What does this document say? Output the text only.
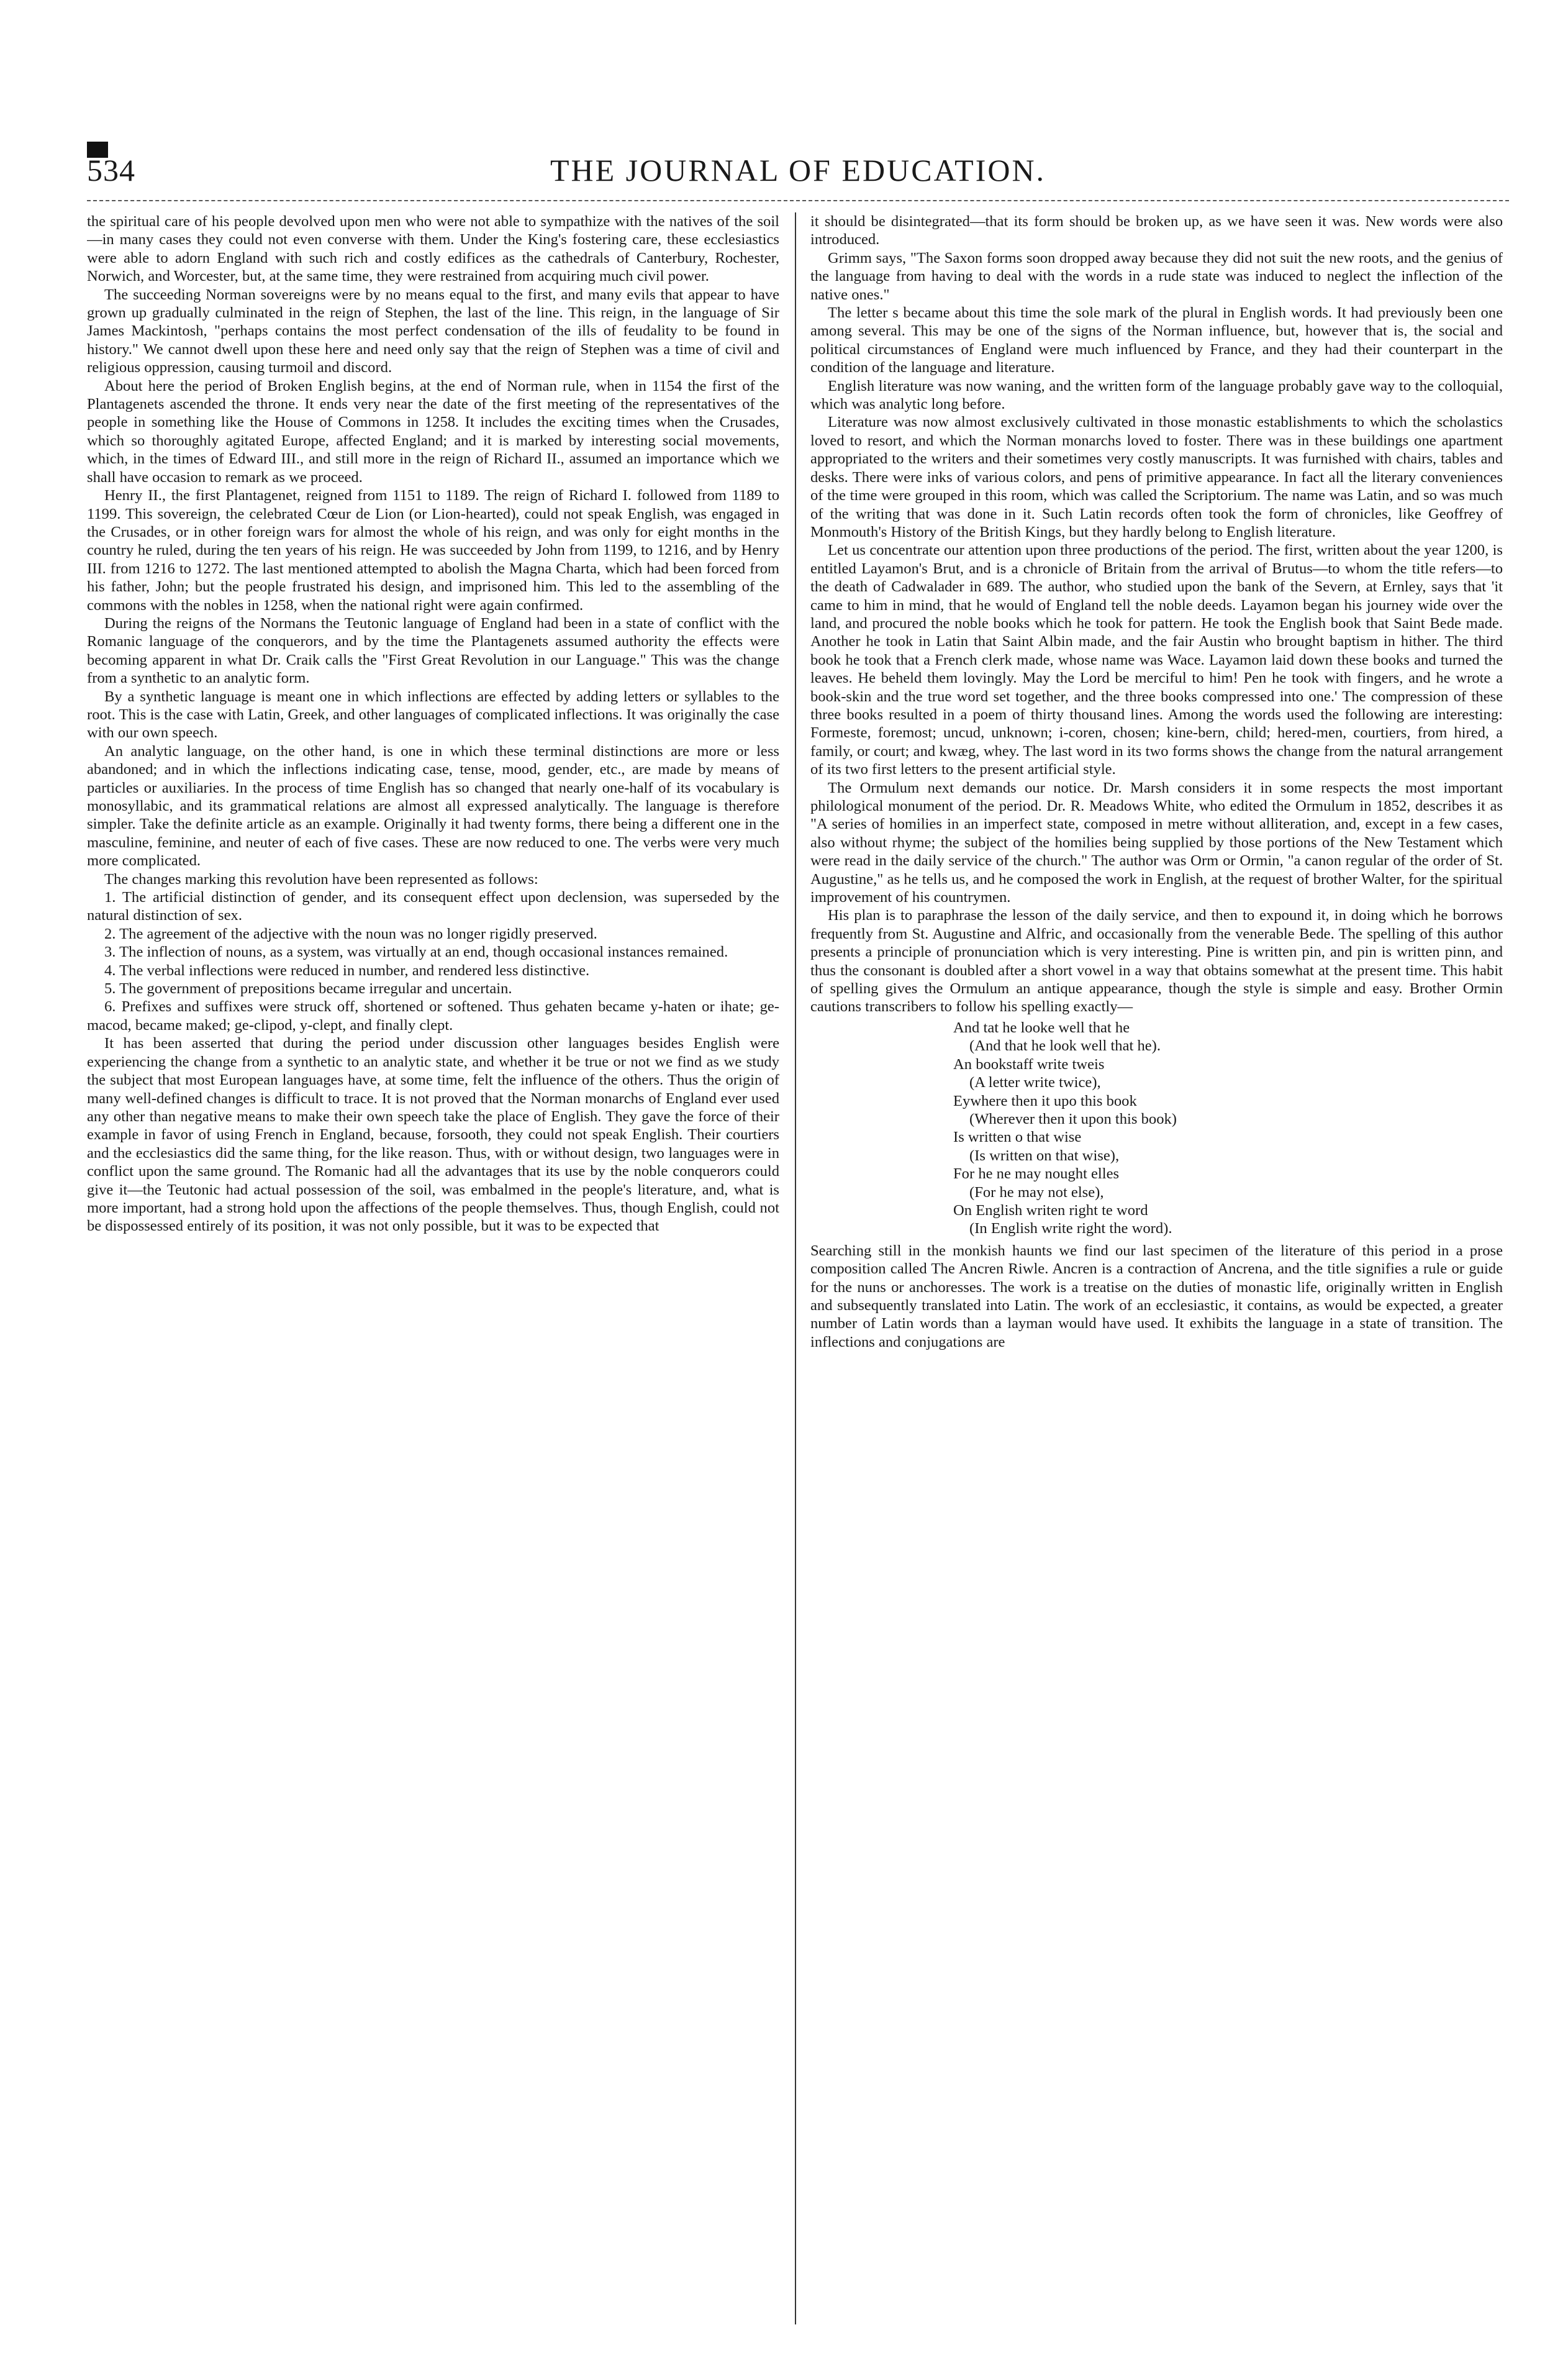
534	THE JOURNAL OF EDUCATION.

the spiritual care of his people devolved upon men who were not able to sympathize with the natives of the soil—in many cases they could not even converse with them. Under the King's fostering care, these ecclesiastics were able to adorn England with such rich and costly edifices as the cathedrals of Canterbury, Rochester, Norwich, and Worcester, but, at the same time, they were restrained from acquiring much civil power.

The succeeding Norman sovereigns were by no means equal to the first, and many evils that appear to have grown up gradually culminated in the reign of Stephen, the last of the line. This reign, in the language of Sir James Mackintosh, "perhaps contains the most perfect condensation of the ills of feudality to be found in history." We cannot dwell upon these here and need only say that the reign of Stephen was a time of civil and religious oppression, causing turmoil and discord.

About here the period of Broken English begins, at the end of Norman rule, when in 1154 the first of the Plantagenets ascended the throne. It ends very near the date of the first meeting of the representatives of the people in something like the House of Commons in 1258. It includes the exciting times when the Crusades, which so thoroughly agitated Europe, affected England; and it is marked by interesting social movements, which, in the times of Edward III., and still more in the reign of Richard II., assumed an importance which we shall have occasion to remark as we proceed.

Henry II., the first Plantagenet, reigned from 1151 to 1189. The reign of Richard I. followed from 1189 to 1199. This sovereign, the celebrated Cœur de Lion (or Lion-hearted), could not speak English, was engaged in the Crusades, or in other foreign wars for almost the whole of his reign, and was only for eight months in the country he ruled, during the ten years of his reign. He was succeeded by John from 1199, to 1216, and by Henry III. from 1216 to 1272. The last mentioned attempted to abolish the Magna Charta, which had been forced from his father, John; but the people frustrated his design, and imprisoned him. This led to the assembling of the commons with the nobles in 1258, when the national right were again confirmed.

During the reigns of the Normans the Teutonic language of England had been in a state of conflict with the Romanic language of the conquerors, and by the time the Plantagenets assumed authority the effects were becoming apparent in what Dr. Craik calls the "First Great Revolution in our Language." This was the change from a synthetic to an analytic form.

By a synthetic language is meant one in which inflections are effected by adding letters or syllables to the root. This is the case with Latin, Greek, and other languages of complicated inflections. It was originally the case with our own speech.

An analytic language, on the other hand, is one in which these terminal distinctions are more or less abandoned; and in which the inflections indicating case, tense, mood, gender, etc., are made by means of particles or auxiliaries. In the process of time English has so changed that nearly one-half of its vocabulary is monosyllabic, and its grammatical relations are almost all expressed analytically. The language is therefore simpler. Take the definite article as an example. Originally it had twenty forms, there being a different one in the masculine, feminine, and neuter of each of five cases. These are now reduced to one. The verbs were very much more complicated.

The changes marking this revolution have been represented as follows:

1. The artificial distinction of gender, and its consequent effect upon declension, was superseded by the natural distinction of sex.

2. The agreement of the adjective with the noun was no longer rigidly preserved.

3. The inflection of nouns, as a system, was virtually at an end, though occasional instances remained.

4. The verbal inflections were reduced in number, and rendered less distinctive.

5. The government of prepositions became irregular and uncertain.

6. Prefixes and suffixes were struck off, shortened or softened. Thus gehaten became y-haten or ihate; ge-macod, became maked; ge-clipod, y-clept, and finally clept.

It has been asserted that during the period under discussion other languages besides English were experiencing the change from a synthetic to an analytic state, and whether it be true or not we find as we study the subject that most European languages have, at some time, felt the influence of the others. Thus the origin of many well-defined changes is difficult to trace. It is not proved that the Norman monarchs of England ever used any other than negative means to make their own speech take the place of English. They gave the force of their example in favor of using French in England, because, forsooth, they could not speak English. Their courtiers and the ecclesiastics did the same thing, for the like reason. Thus, with or without design, two languages were in conflict upon the same ground. The Romanic had all the advantages that its use by the noble conquerors could give it—the Teutonic had actual possession of the soil, was embalmed in the people's literature, and, what is more important, had a strong hold upon the affections of the people themselves. Thus, though English, could not be dispossessed entirely of its position, it was not only possible, but it was to be expected that

it should be disintegrated—that its form should be broken up, as we have seen it was. New words were also introduced.

Grimm says, "The Saxon forms soon dropped away because they did not suit the new roots, and the genius of the language from having to deal with the words in a rude state was induced to neglect the inflection of the native ones."

The letter s became about this time the sole mark of the plural in English words. It had previously been one among several. This may be one of the signs of the Norman influence, but, however that is, the social and political circumstances of England were much influenced by France, and they had their counterpart in the condition of the language and literature.

English literature was now waning, and the written form of the language probably gave way to the colloquial, which was analytic long before.

Literature was now almost exclusively cultivated in those monastic establishments to which the scholastics loved to resort, and which the Norman monarchs loved to foster. There was in these buildings one apartment appropriated to the writers and their sometimes very costly manuscripts. It was furnished with chairs, tables and desks. There were inks of various colors, and pens of primitive appearance. In fact all the literary conveniences of the time were grouped in this room, which was called the Scriptorium. The name was Latin, and so was much of the writing that was done in it. Such Latin records often took the form of chronicles, like Geoffrey of Monmouth's History of the British Kings, but they hardly belong to English literature.

Let us concentrate our attention upon three productions of the period. The first, written about the year 1200, is entitled Layamon's Brut, and is a chronicle of Britain from the arrival of Brutus—to whom the title refers—to the death of Cadwalader in 689. The author, who studied upon the bank of the Severn, at Ernley, says that 'it came to him in mind, that he would of England tell the noble deeds. Layamon began his journey wide over the land, and procured the noble books which he took for pattern. He took the English book that Saint Bede made. Another he took in Latin that Saint Albin made, and the fair Austin who brought baptism in hither. The third book he took that a French clerk made, whose name was Wace. Layamon laid down these books and turned the leaves. He beheld them lovingly. May the Lord be merciful to him! Pen he took with fingers, and he wrote a book-skin and the true word set together, and the three books compressed into one.' The compression of these three books resulted in a poem of thirty thousand lines. Among the words used the following are interesting: Formeste, foremost; uncud, unknown; i-coren, chosen; kine-bern, child; hered-men, courtiers, from hired, a family, or court; and kwæg, whey. The last word in its two forms shows the change from the natural arrangement of its two first letters to the present artificial style.

The Ormulum next demands our notice. Dr. Marsh considers it in some respects the most important philological monument of the period. Dr. R. Meadows White, who edited the Ormulum in 1852, describes it as "A series of homilies in an imperfect state, composed in metre without alliteration, and, except in a few cases, also without rhyme; the subject of the homilies being supplied by those portions of the New Testament which were read in the daily service of the church." The author was Orm or Ormin, "a canon regular of the order of St. Augustine," as he tells us, and he composed the work in English, at the request of brother Walter, for the spiritual improvement of his countrymen.

His plan is to paraphrase the lesson of the daily service, and then to expound it, in doing which he borrows frequently from St. Augustine and Alfric, and occasionally from the venerable Bede. The spelling of this author presents a principle of pronunciation which is very interesting. Pine is written pin, and pin is written pinn, and thus the consonant is doubled after a short vowel in a way that obtains somewhat at the present time. This habit of spelling gives the Ormulum an antique appearance, though the style is simple and easy. Brother Ormin cautions transcribers to follow his spelling exactly—

And tat he looke well that he
(And that he look well that he).
An bookstaff write tweis
(A letter write twice),
Eywhere then it upo this book
(Wherever then it upon this book)
Is written o that wise
(Is written on that wise),
For he ne may nought elles
(For he may not else),
On English writen right te word
(In English write right the word).

Searching still in the monkish haunts we find our last specimen of the literature of this period in a prose composition called The Ancren Riwle. Ancren is a contraction of Ancrena, and the title signifies a rule or guide for the nuns or anchoresses. The work is a treatise on the duties of monastic life, originally written in English and subsequently translated into Latin. The work of an ecclesiastic, it contains, as would be expected, a greater number of Latin words than a layman would have used. It exhibits the language in a state of transition. The inflections and conjugations are
